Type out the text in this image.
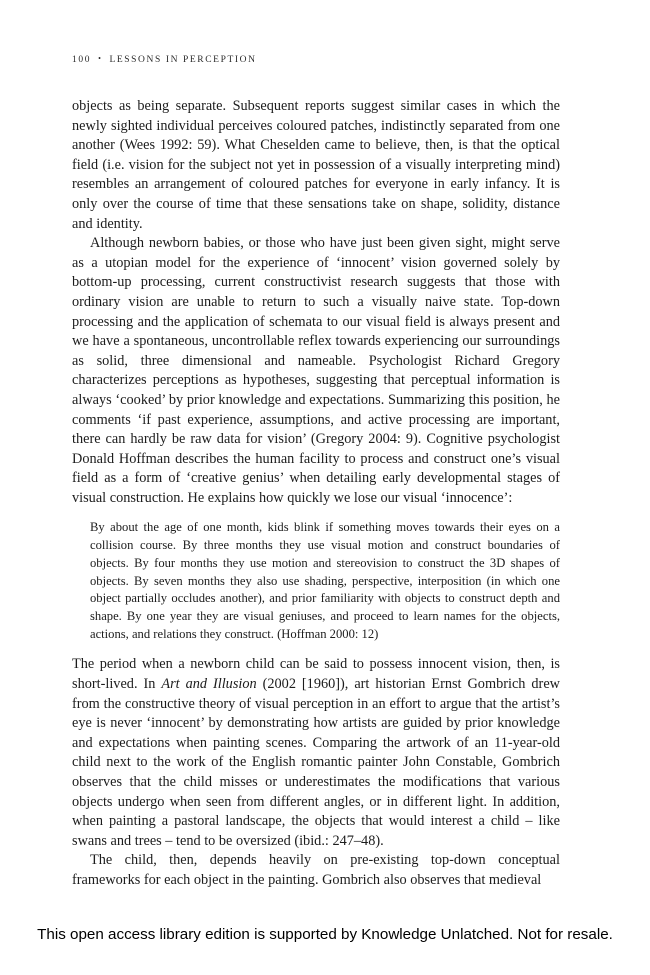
100 • LESSONS IN PERCEPTION

objects as being separate. Subsequent reports suggest similar cases in which the newly sighted individual perceives coloured patches, indistinctly separated from one another (Wees 1992: 59). What Cheselden came to believe, then, is that the optical field (i.e. vision for the subject not yet in possession of a visually interpreting mind) resembles an arrangement of coloured patches for everyone in early infancy. It is only over the course of time that these sensations take on shape, solidity, distance and identity.

Although newborn babies, or those who have just been given sight, might serve as a utopian model for the experience of ‘innocent’ vision governed solely by bottom-up processing, current constructivist research suggests that those with ordinary vision are unable to return to such a visually naive state. Top-down processing and the application of schemata to our visual field is always present and we have a spontaneous, uncontrollable reflex towards experiencing our surroundings as solid, three dimensional and nameable. Psychologist Richard Gregory characterizes perceptions as hypotheses, suggesting that perceptual information is always ‘cooked’ by prior knowledge and expectations. Summarizing this position, he comments ‘if past experience, assumptions, and active processing are important, there can hardly be raw data for vision’ (Gregory 2004: 9). Cognitive psychologist Donald Hoffman describes the human facility to process and construct one’s visual field as a form of ‘creative genius’ when detailing early developmental stages of visual construction. He explains how quickly we lose our visual ‘innocence’:

By about the age of one month, kids blink if something moves towards their eyes on a collision course. By three months they use visual motion and construct boundaries of objects. By four months they use motion and stereovision to construct the 3D shapes of objects. By seven months they also use shading, perspective, interposition (in which one object partially occludes another), and prior familiarity with objects to construct depth and shape. By one year they are visual geniuses, and proceed to learn names for the objects, actions, and relations they construct. (Hoffman 2000: 12)

The period when a newborn child can be said to possess innocent vision, then, is short-lived. In Art and Illusion (2002 [1960]), art historian Ernst Gombrich drew from the constructive theory of visual perception in an effort to argue that the artist’s eye is never ‘innocent’ by demonstrating how artists are guided by prior knowledge and expectations when painting scenes. Comparing the artwork of an 11-year-old child next to the work of the English romantic painter John Constable, Gombrich observes that the child misses or underestimates the modifications that various objects undergo when seen from different angles, or in different light. In addition, when painting a pastoral landscape, the objects that would interest a child – like swans and trees – tend to be oversized (ibid.: 247–48).

The child, then, depends heavily on pre-existing top-down conceptual frameworks for each object in the painting. Gombrich also observes that medieval

This open access library edition is supported by Knowledge Unlatched. Not for resale.
